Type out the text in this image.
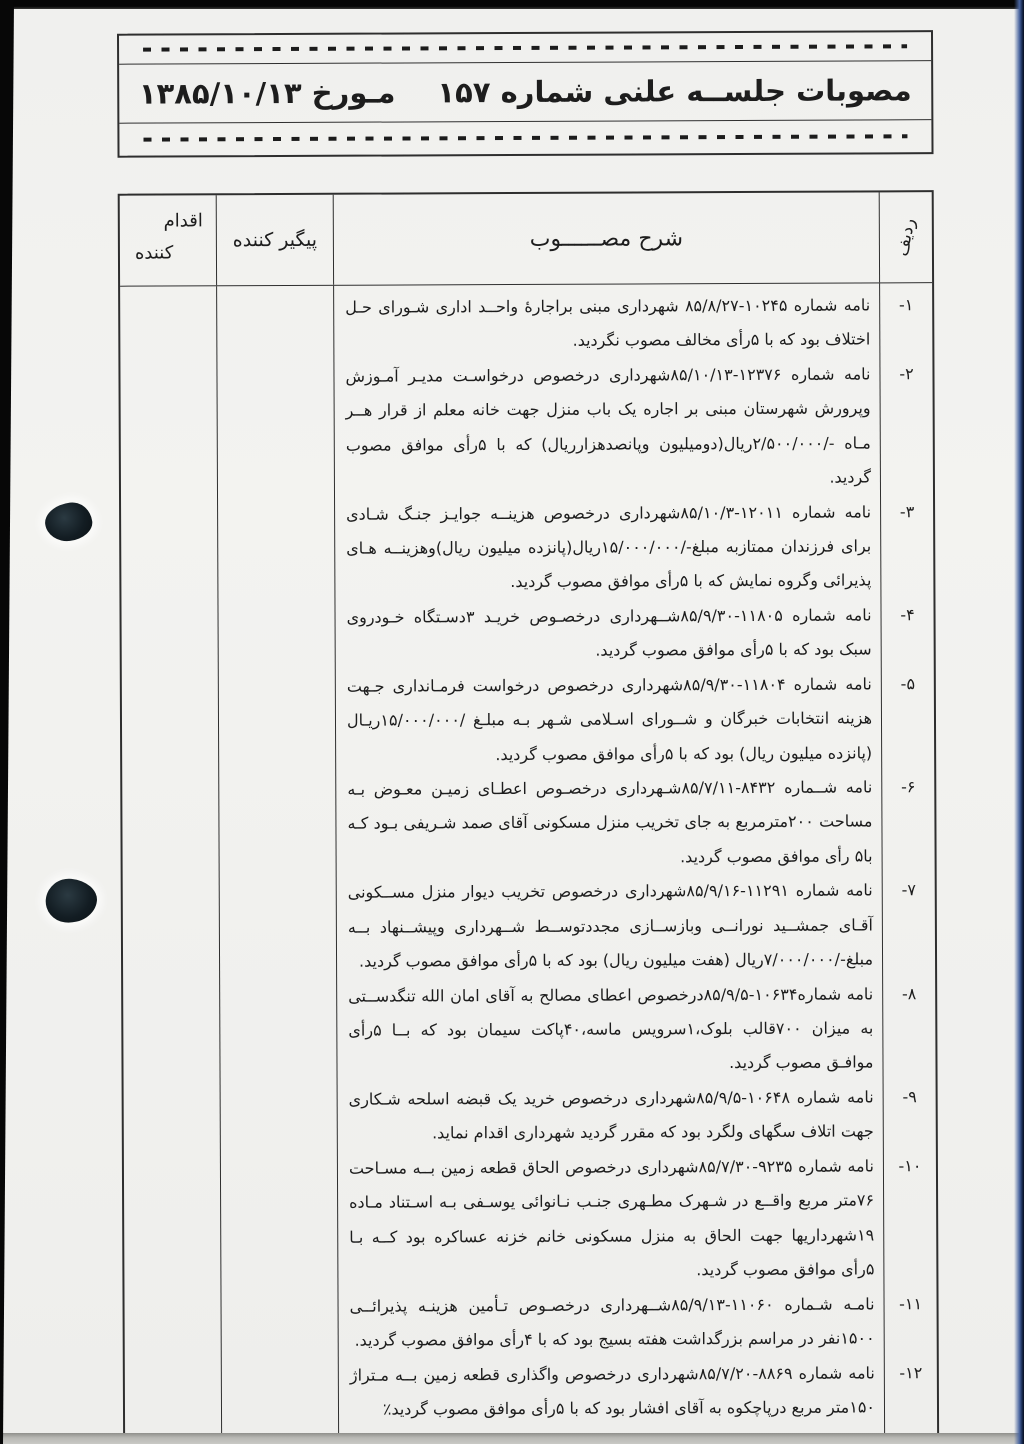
مصوبات جلســه علنی شماره ۱۵۷
مـورخ ۱۳۸۵/۱۰/۱۳
ردیف
شرح مصــــــوب
پیگیر کننده
اقدام
کننده
۱-
نامه شماره ۱۰۲۴۵-۸۵/۸/۲۷ شهرداری مبنی براجارهٔ واحــد اداری شـورای حـل اختلاف بود که با ۵رأی مخالف مصوب نگردید.
۲-
نامه شماره ۱۲۳۷۶-۸۵/۱۰/۱۳شهرداری درخصوص درخواسـت مدیـر آمـوزش وپرورش شهرستان مبنی بر اجاره یک باب منزل جهت خانه معلم از قرار هــر مـاه -/۲/۵۰۰/۰۰۰ریال(دومیلیون وپانصدهزارریال) که با ۵رأی موافق مصوب گردید.
۳-
نامه شماره ۱۲۰۱۱-۸۵/۱۰/۳شهرداری درخصوص هزینــه جوایـز جنـگ شـادی برای فرزندان ممتازبه مبلغ-/۱۵/۰۰۰/۰۰۰ریال(پانزده میلیون ریال)وهزینــه هـای پذیرائی وگروه نمایش که با ۵رأی موافق مصوب گردید.
۴-
نامه شماره ۱۱۸۰۵-۸۵/۹/۳۰شــهرداری درخصـوص خریـد ۳دسـتگاه خـودروی سبک بود که با ۵رأی موافق مصوب گردید.
۵-
نامه شماره ۱۱۸۰۴-۸۵/۹/۳۰شهرداری درخصوص درخواست فرمـانداری جـهت هزینه انتخابات خبرگان و شــورای اسـلامی شـهر بـه مبلـغ /۱۵/۰۰۰/۰۰۰ریـال (پانزده میلیون ریال) بود که با ۵رأی موافق مصوب گردید.
۶-
نامه شــماره ۸۴۳۲-۸۵/۷/۱۱شـهرداری درخصـوص اعطـای زمیـن معـوض بـه مساحت ۲۰۰مترمربع به جای تخریب منزل مسکونی آقای صمد شـریفی بـود کـه با۵ رأی موافق مصوب گردید.
۷-
نامه شماره ۱۱۲۹۱-۸۵/۹/۱۶شهرداری درخصوص تخریب دیوار منزل مســکونی آقـای جمشــید نورانــی وبازســازی مجددتوســط شــهرداری وپیشــنهاد بــه مبلغ-/۷/۰۰۰/۰۰۰ریال (هفت میلیون ریال) بود که با ۵رأی موافق مصوب گردید.
۸-
نامه شماره۱۰۶۳۴-۸۵/۹/۵درخصوص اعطای مصالح به آقای امان الله تنگدســتی به میزان ۷۰۰قالب بلوک،۱سرویس ماسه،۴۰پاکت سیمان بود که بــا ۵رأی موافـق مصوب گردید.
۹-
نامه شماره ۱۰۶۴۸-۸۵/۹/۵شهرداری درخصوص خرید یک قبضه اسلحه شـکاری جهت اتلاف سگهای ولگرد بود که مقرر گردید شهرداری اقدام نماید.
۱۰-
نامه شماره ۹۲۳۵-۸۵/۷/۳۰شهرداری درخصوص الحاق قطعه زمین بــه مسـاحت ۷۶متر مربع واقــع در شـهرک مطـهری جنـب نـانوائی یوسـفی بـه اسـتناد مـاده ۱۹شهرداریها جهت الحاق به منزل مسکونی خانم خزنه عساکره بود کــه بـا ۵رأی موافق مصوب گردید.
۱۱-
نامـه شـماره ۱۱۰۶۰-۸۵/۹/۱۳شــهرداری درخصـوص تـأمین هزینـه پذیرائــی ۱۵۰۰نفر در مراسم بزرگداشت هفته بسیج بود که با ۴رأی موافق مصوب گردید.
۱۲-
نامه شماره ۸۸۶۹-۸۵/۷/۲۰شهرداری درخصوص واگذاری قطعه زمین بــه مـتراژ ۱۵۰متر مربع درپاچکوه به آقای افشار بود که با ۵رأی موافق مصوب گردید٪
